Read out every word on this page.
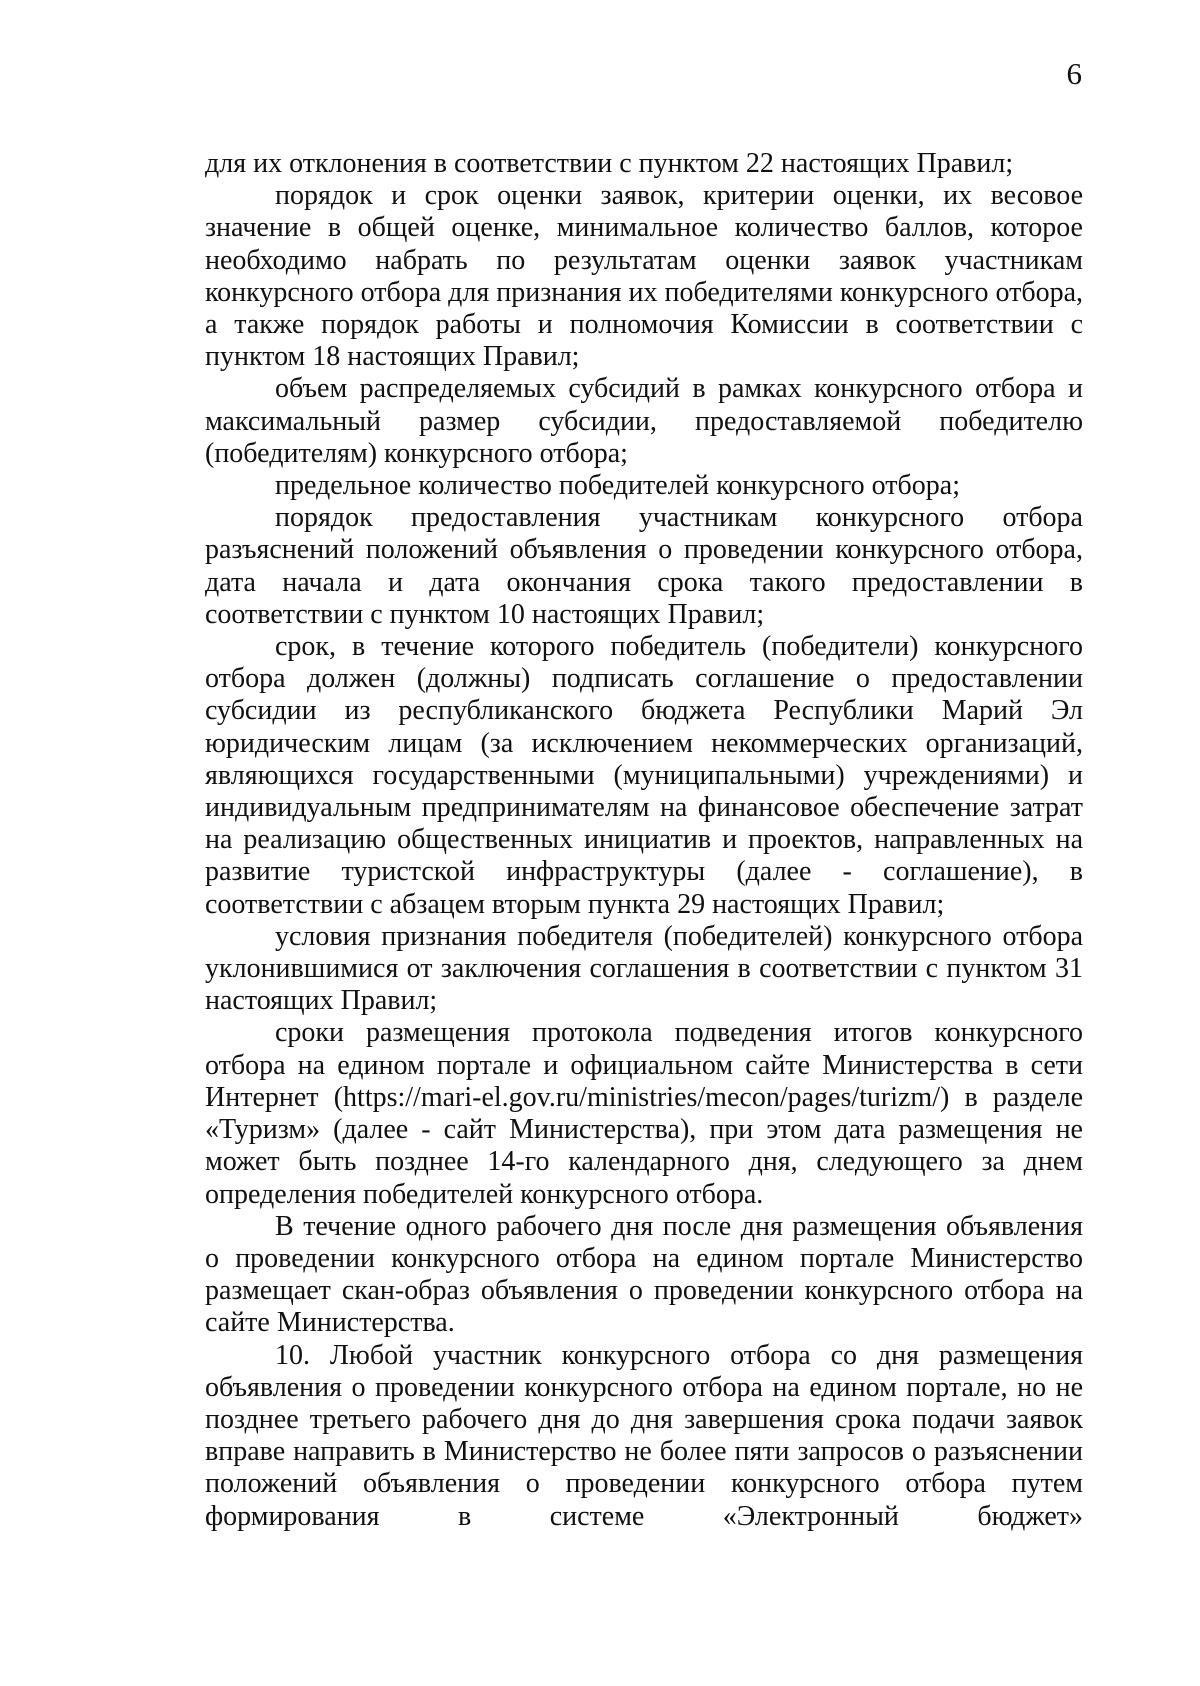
6

для их отклонения в соответствии с пунктом 22 настоящих Правил;

порядок и срок оценки заявок, критерии оценки, их весовое значение в общей оценке, минимальное количество баллов, которое необходимо набрать по результатам оценки заявок участникам конкурсного отбора для признания их победителями конкурсного отбора, а также порядок работы и полномочия Комиссии в соответствии с пунктом 18 настоящих Правил;

объем распределяемых субсидий в рамках конкурсного отбора и максимальный размер субсидии, предоставляемой победителю (победителям) конкурсного отбора;

предельное количество победителей конкурсного отбора;

порядок предоставления участникам конкурсного отбора разъяснений положений объявления о проведении конкурсного отбора, дата начала и дата окончания срока такого предоставлении в соответствии с пунктом 10 настоящих Правил;

срок, в течение которого победитель (победители) конкурсного отбора должен (должны) подписать соглашение о предоставлении субсидии из республиканского бюджета Республики Марий Эл юридическим лицам (за исключением некоммерческих организаций, являющихся государственными (муниципальными) учреждениями) и индивидуальным предпринимателям на финансовое обеспечение затрат на реализацию общественных инициатив и проектов, направленных на развитие туристской инфраструктуры (далее - соглашение), в соответствии с абзацем вторым пункта 29 настоящих Правил;

условия признания победителя (победителей) конкурсного отбора уклонившимися от заключения соглашения в соответствии с пунктом 31 настоящих Правил;

сроки размещения протокола подведения итогов конкурсного отбора на едином портале и официальном сайте Министерства в сети Интернет (https://mari-el.gov.ru/ministries/mecon/pages/turizm/) в разделе «Туризм» (далее - сайт Министерства), при этом дата размещения не может быть позднее 14-го календарного дня, следующего за днем определения победителей конкурсного отбора.

В течение одного рабочего дня после дня размещения объявления о проведении конкурсного отбора на едином портале Министерство размещает скан-образ объявления о проведении конкурсного отбора на сайте Министерства.

10. Любой участник конкурсного отбора со дня размещения объявления о проведении конкурсного отбора на едином портале, но не позднее третьего рабочего дня до дня завершения срока подачи заявок вправе направить в Министерство не более пяти запросов о разъяснении положений объявления о проведении конкурсного отбора путем формирования в системе «Электронный бюджет»
